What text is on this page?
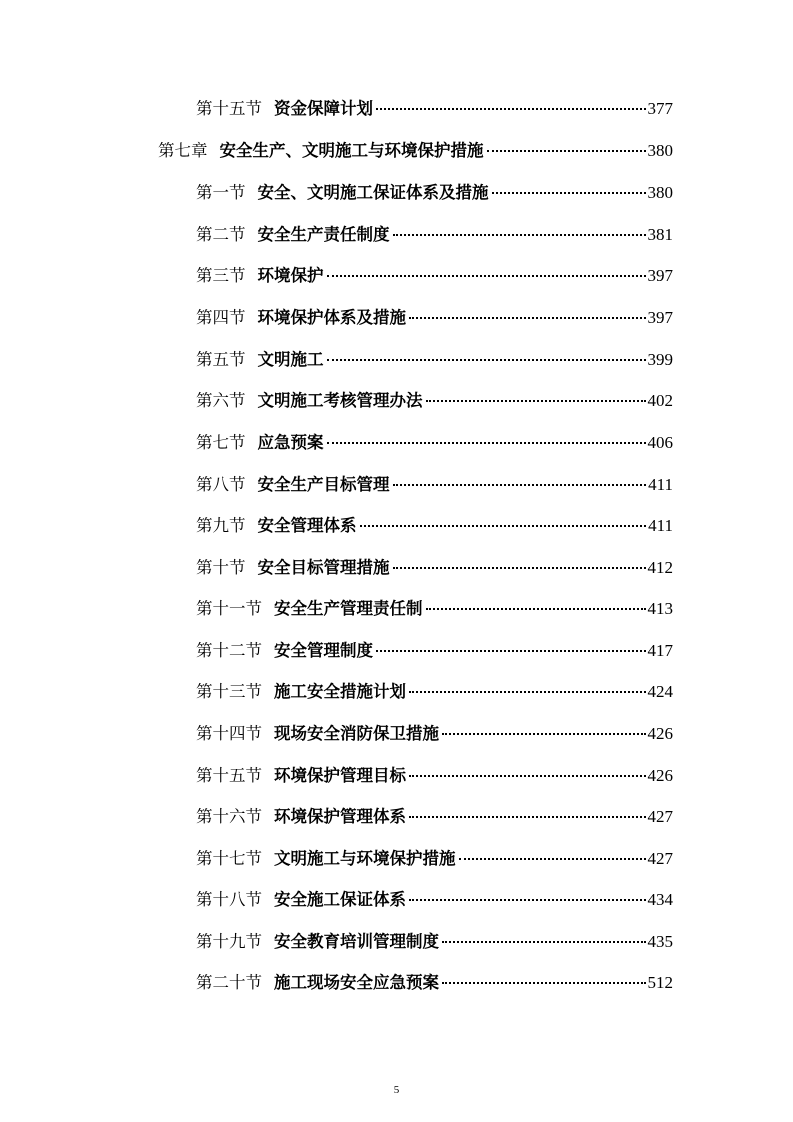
第十五节 资金保障计划	377
第七章 安全生产、文明施工与环境保护措施	380
第一节 安全、文明施工保证体系及措施	380
第二节 安全生产责任制度	381
第三节 环境保护	397
第四节 环境保护体系及措施	397
第五节 文明施工	399
第六节 文明施工考核管理办法	402
第七节 应急预案	406
第八节 安全生产目标管理	411
第九节 安全管理体系	411
第十节 安全目标管理措施	412
第十一节 安全生产管理责任制	413
第十二节 安全管理制度	417
第十三节 施工安全措施计划	424
第十四节 现场安全消防保卫措施	426
第十五节 环境保护管理目标	426
第十六节 环境保护管理体系	427
第十七节 文明施工与环境保护措施	427
第十八节 安全施工保证体系	434
第十九节 安全教育培训管理制度	435
第二十节 施工现场安全应急预案	512
5
